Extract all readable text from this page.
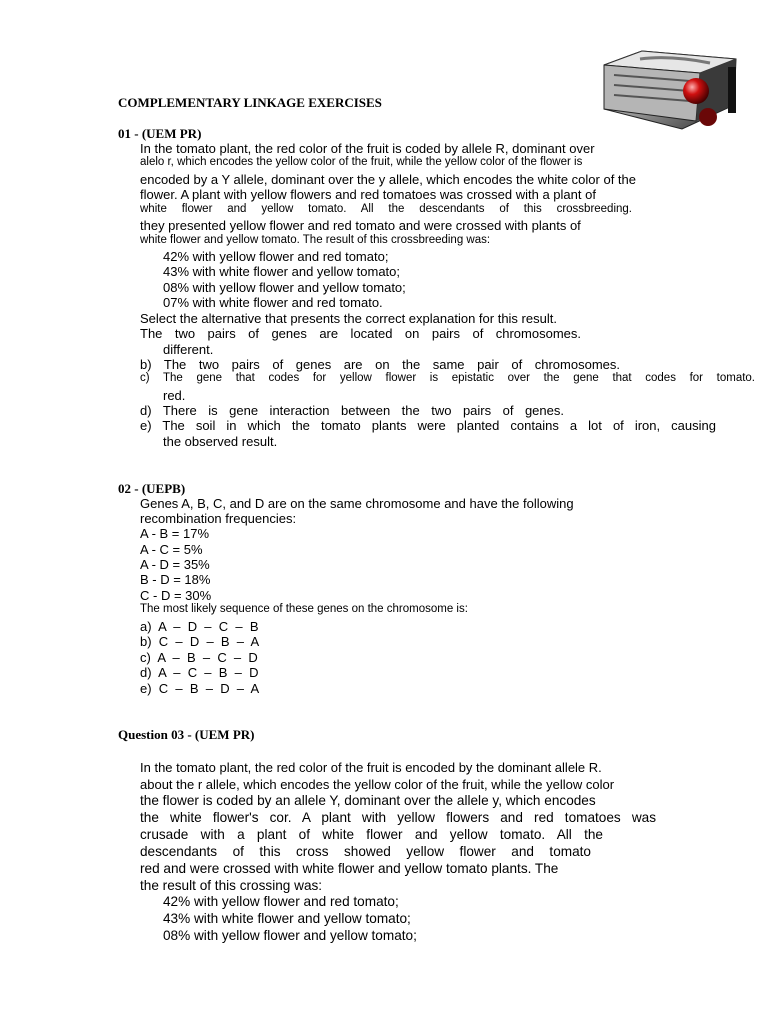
COMPLEMENTARY LINKAGE EXERCISES
01 - (UEM PR)
In the tomato plant, the red color of the fruit is coded by allele R, dominant over
alelo r, which encodes the yellow color of the fruit, while the yellow color of the flower is
encoded by a Y allele, dominant over the y allele, which encodes the white color of the
flower. A plant with yellow flowers and red tomatoes was crossed with a plant of
white flower and yellow tomato. All the descendants of this crossbreeding.
they presented yellow flower and red tomato and were crossed with plants of
white flower and yellow tomato. The result of this crossbreeding was:
42% with yellow flower and red tomato;
43% with white flower and yellow tomato;
08% with yellow flower and yellow tomato;
07% with white flower and red tomato.
Select the alternative that presents the correct explanation for this result.
The two pairs of genes are located on pairs of chromosomes.
different.
b) The two pairs of genes are on the same pair of chromosomes.
c) The gene that codes for yellow flower is epistatic over the gene that codes for tomato.
red.
d) There is gene interaction between the two pairs of genes.
e) The soil in which the tomato plants were planted contains a lot of iron, causing
the observed result.
02 - (UEPB)
Genes A, B, C, and D are on the same chromosome and have the following
recombination frequencies:
A - B = 17%
A - C = 5%
A - D = 35%
B - D = 18%
C - D = 30%
The most likely sequence of these genes on the chromosome is:
a)  A  –  D  –  C  –  B
b)  C  –  D  –  B  –  A
c)  A  –  B  –  C  –  D
d)  A  –  C  –  B  –  D
e)  C  –  B  –  D  –  A
Question 03 - (UEM PR)
In the tomato plant, the red color of the fruit is encoded by the dominant allele R.
about the r allele, which encodes the yellow color of the fruit, while the yellow color
the flower is coded by an allele Y, dominant over the allele y, which encodes
the white flower's cor. A plant with yellow flowers and red tomatoes was
crusade with a plant of white flower and yellow tomato. All the
descendants of this cross showed yellow flower and tomato
red and were crossed with white flower and yellow tomato plants. The
the result of this crossing was:
42% with yellow flower and red tomato;
43% with white flower and yellow tomato;
08% with yellow flower and yellow tomato;
